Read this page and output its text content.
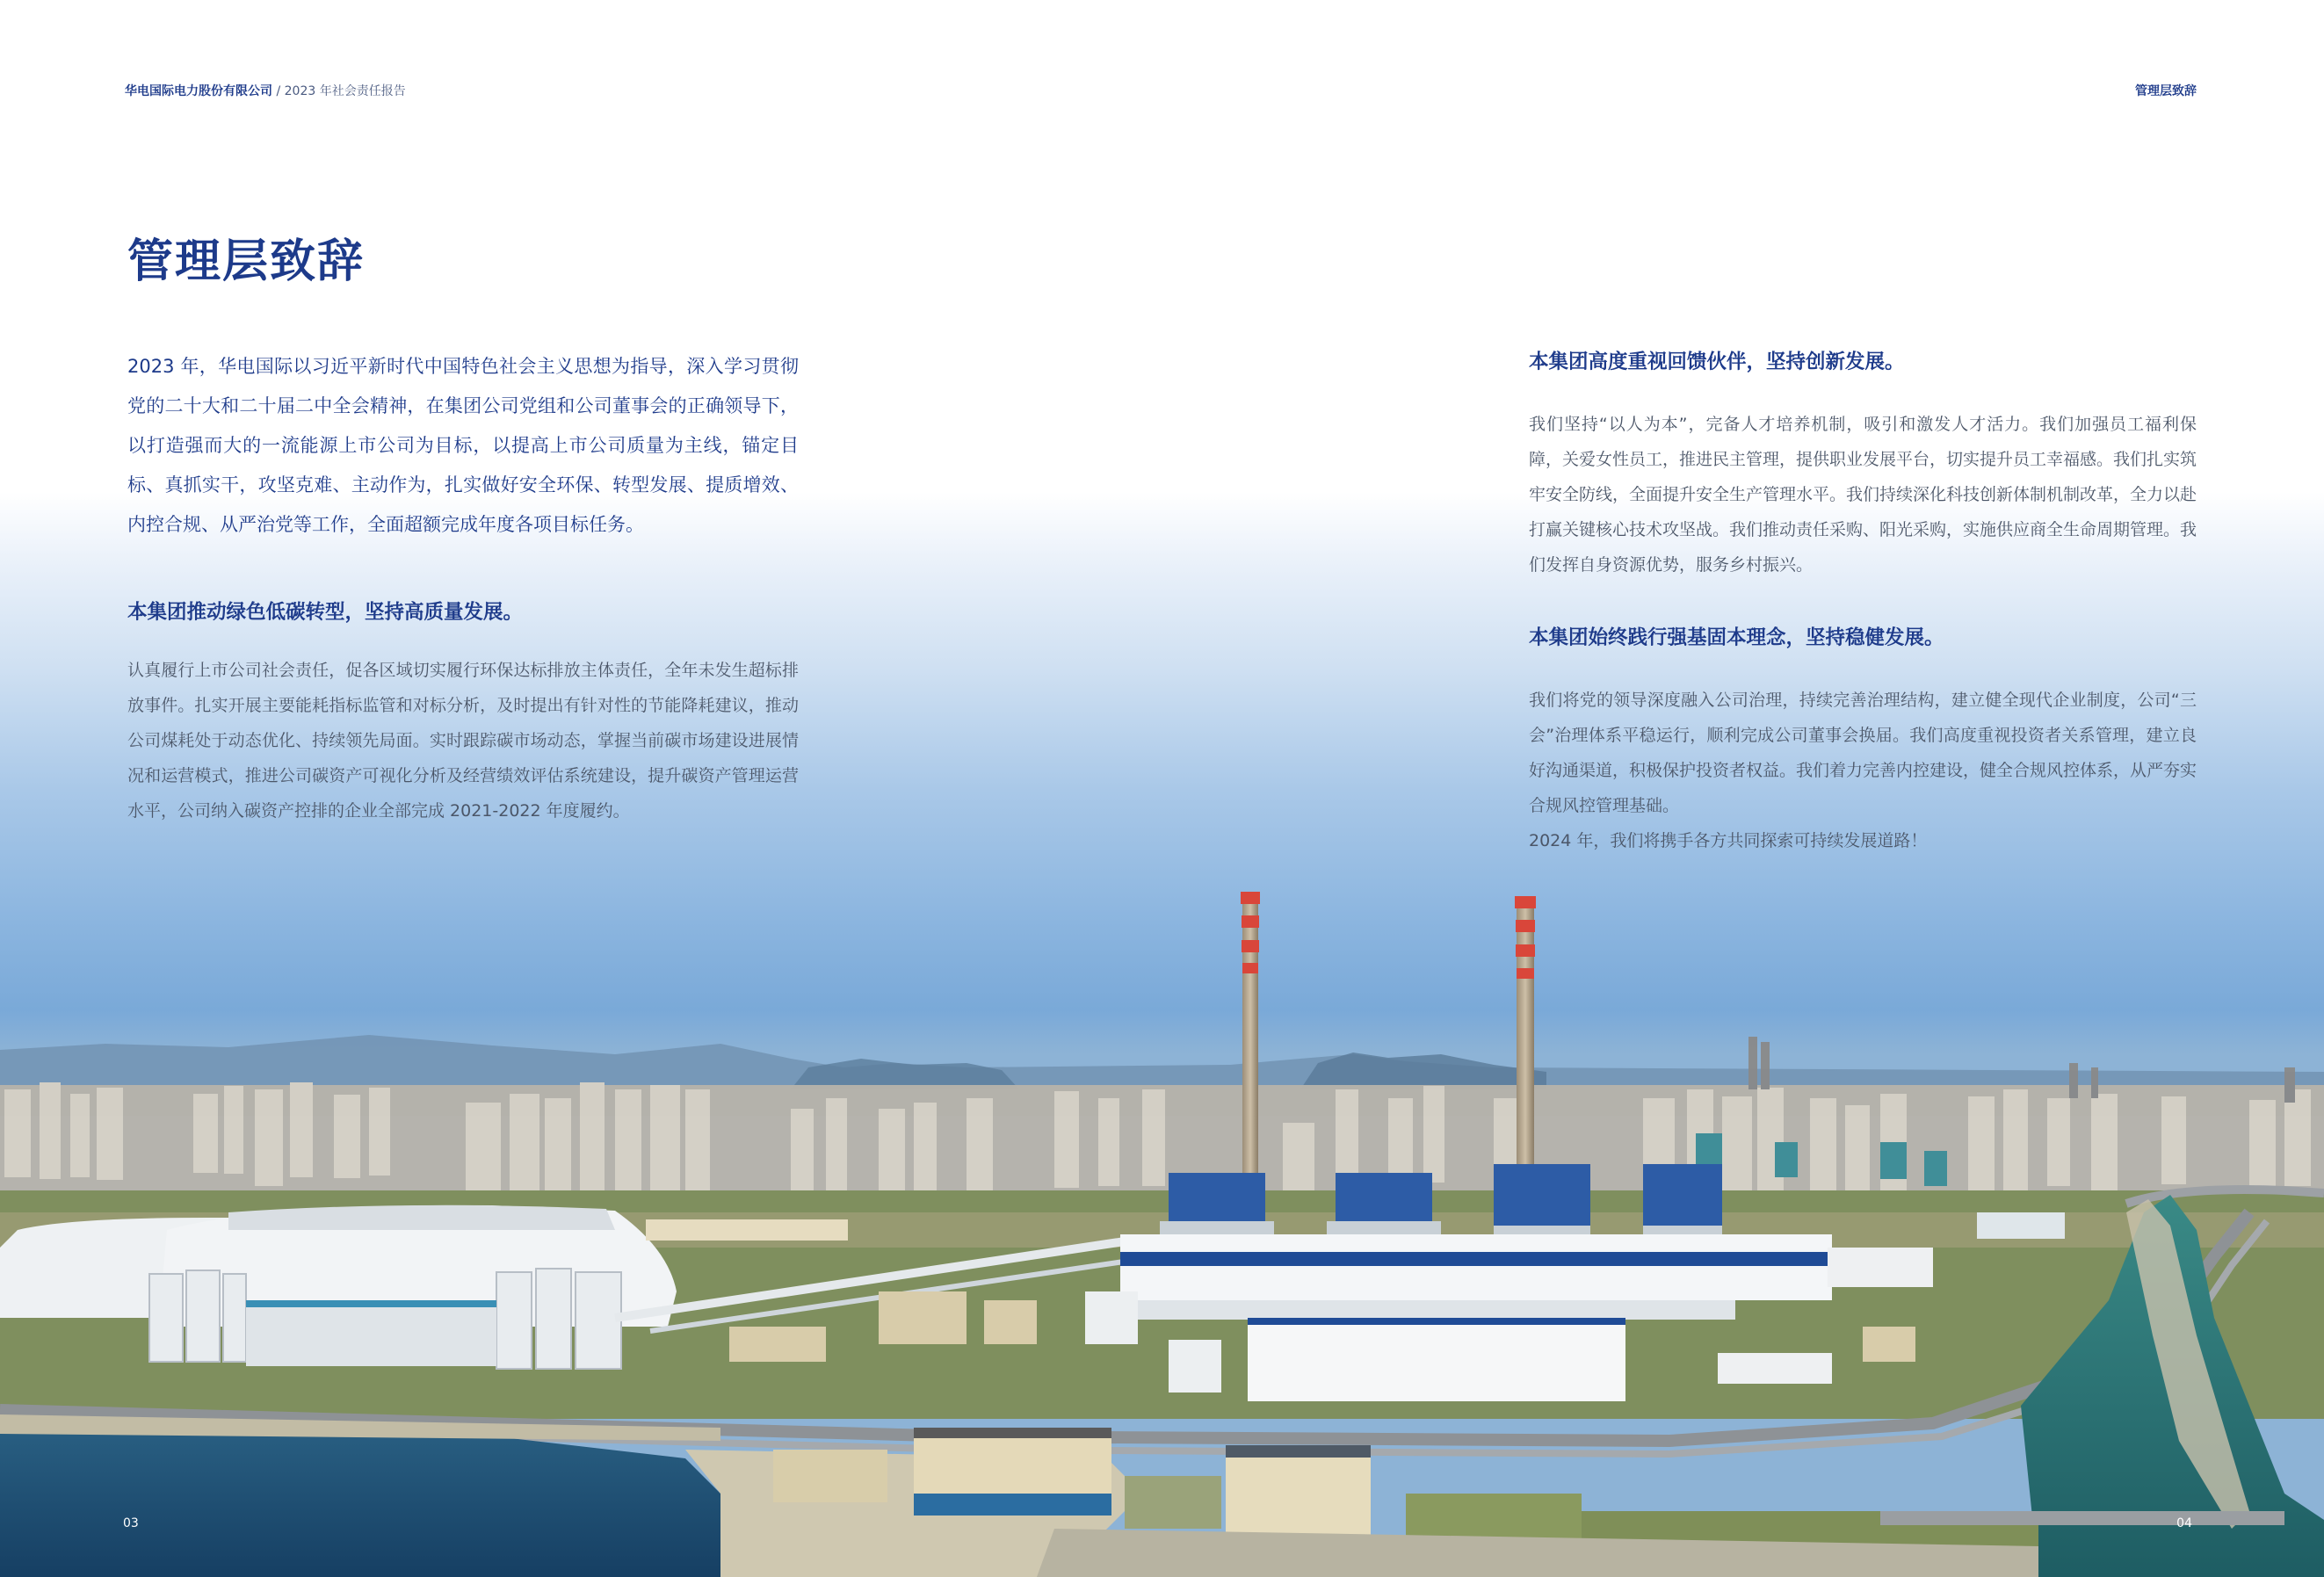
华电国际电力股份有限公司 / 2023 年社会责任报告	管理层致辞
管理层致辞

2023 年，华电国际以习近平新时代中国特色社会主义思想为指导，深入学习贯彻党的二十大和二十届二中全会精神，在集团公司党组和公司董事会的正确领导下，以打造强而大的一流能源上市公司为目标，以提高上市公司质量为主线，锚定目标、真抓实干，攻坚克难、主动作为，扎实做好安全环保、转型发展、提质增效、内控合规、从严治党等工作，全面超额完成年度各项目标任务。

本集团推动绿色低碳转型，坚持高质量发展。

认真履行上市公司社会责任，促各区域切实履行环保达标排放主体责任，全年未发生超标排放事件。扎实开展主要能耗指标监管和对标分析，及时提出有针对性的节能降耗建议，推动公司煤耗处于动态优化、持续领先局面。实时跟踪碳市场动态，掌握当前碳市场建设进展情况和运营模式，推进公司碳资产可视化分析及经营绩效评估系统建设，提升碳资产管理运营水平，公司纳入碳资产控排的企业全部完成 2021-2022 年度履约。

本集团高度重视回馈伙伴，坚持创新发展。

我们坚持“以人为本”，完备人才培养机制，吸引和激发人才活力。我们加强员工福利保障，关爱女性员工，推进民主管理，提供职业发展平台，切实提升员工幸福感。我们扎实筑牢安全防线，全面提升安全生产管理水平。我们持续深化科技创新体制机制改革，全力以赴打赢关键核心技术攻坚战。我们推动责任采购、阳光采购，实施供应商全生命周期管理。我们发挥自身资源优势，服务乡村振兴。

本集团始终践行强基固本理念，坚持稳健发展。

我们将党的领导深度融入公司治理，持续完善治理结构，建立健全现代企业制度，公司“三会”治理体系平稳运行，顺利完成公司董事会换届。我们高度重视投资者关系管理，建立良好沟通渠道，积极保护投资者权益。我们着力完善内控建设，健全合规风控体系，从严夯实合规风控管理基础。

2024 年，我们将携手各方共同探索可持续发展道路！

03	04
